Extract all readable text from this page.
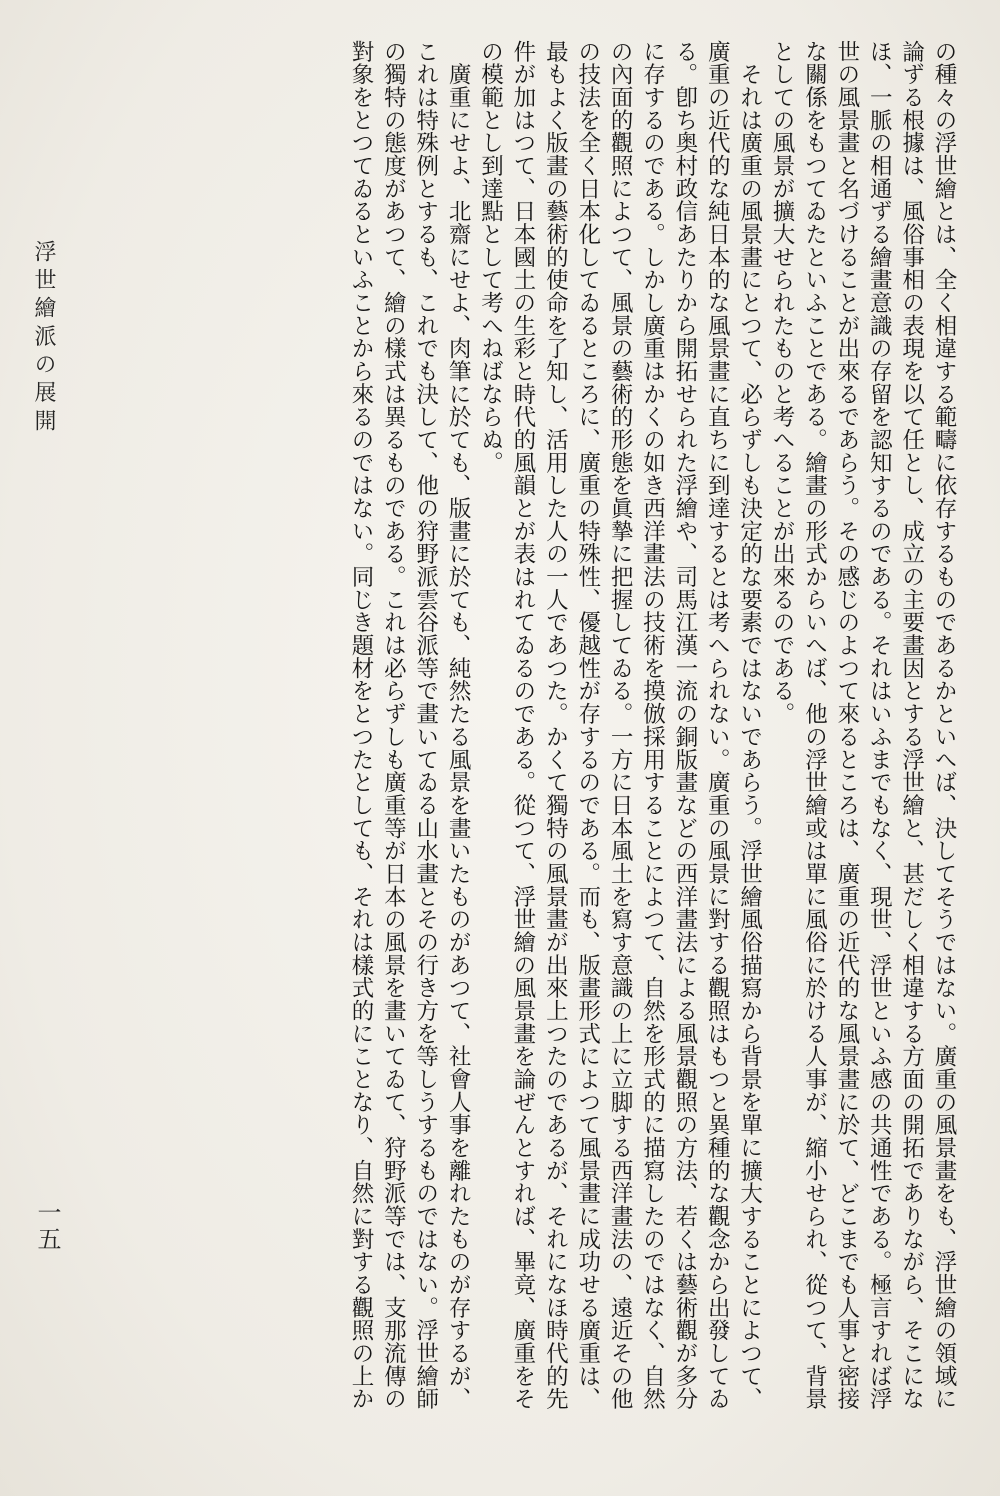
の種々の浮世繪とは、全く相違する範疇に依存するものであるかといへば、決してそうではない。廣重の風景畫をも、浮世繪の領域に
論ずる根據は、風俗事相の表現を以て任とし、成立の主要畫因とする浮世繪と、甚だしく相違する方面の開拓でありながら、そこにな
ほ、一脈の相通ずる繪畫意識の存留を認知するのである。それはいふまでもなく、現世、浮世といふ感の共通性である。極言すれば浮
世の風景畫と名づけることが出來るであらう。その感じのよつて來るところは、廣重の近代的な風景畫に於て、どこまでも人事と密接
な關係をもつてゐたといふことである。繪畫の形式からいへば、他の浮世繪或は單に風俗に於ける人事が、縮小せられ、從つて、背景
としての風景が擴大せられたものと考へることが出來るのである。
　それは廣重の風景畫にとつて、必らずしも決定的な要素ではないであらう。浮世繪風俗描寫から背景を單に擴大することによつて、
廣重の近代的な純日本的な風景畫に直ちに到達するとは考へられない。廣重の風景に對する觀照はもつと異種的な觀念から出發してゐ
る。卽ち奥村政信あたりから開拓せられた浮繪や、司馬江漢一流の銅版畫などの西洋畫法による風景觀照の方法、若くは藝術觀が多分
に存するのである。しかし廣重はかくの如き西洋畫法の技術を摸倣採用することによつて、自然を形式的に描寫したのではなく、自然
の內面的觀照によつて、風景の藝術的形態を眞摯に把握してゐる。一方に日本風土を寫す意識の上に立脚する西洋畫法の、遠近その他
の技法を全く日本化してゐるところに、廣重の特殊性、優越性が存するのである。而も、版畫形式によつて風景畫に成功せる廣重は、
最もよく版畫の藝術的使命を了知し、活用した人の一人であつた。かくて獨特の風景畫が出來上つたのであるが、それになほ時代的先
件が加はつて、日本國土の生彩と時代的風韻とが表はれてゐるのである。從つて、浮世繪の風景畫を論ぜんとすれば、畢竟、廣重をそ
の模範とし到達點として考へねばならぬ。
　廣重にせよ、北齋にせよ、肉筆に於ても、版畫に於ても、純然たる風景を畫いたものがあつて、社會人事を離れたものが存するが、
これは特殊例とするも、これでも決して、他の狩野派雲谷派等で畫いてゐる山水畫とその行き方を等しうするものではない。浮世繪師
の獨特の態度があつて、繪の樣式は異るものである。これは必らずしも廣重等が日本の風景を畫いてゐて、狩野派等では、支那流傳の
對象をとつてゐるといふことから來るのではない。同じき題材をとつたとしても、それは樣式的にことなり、自然に對する觀照の上か
浮世繪派の展開
一五
